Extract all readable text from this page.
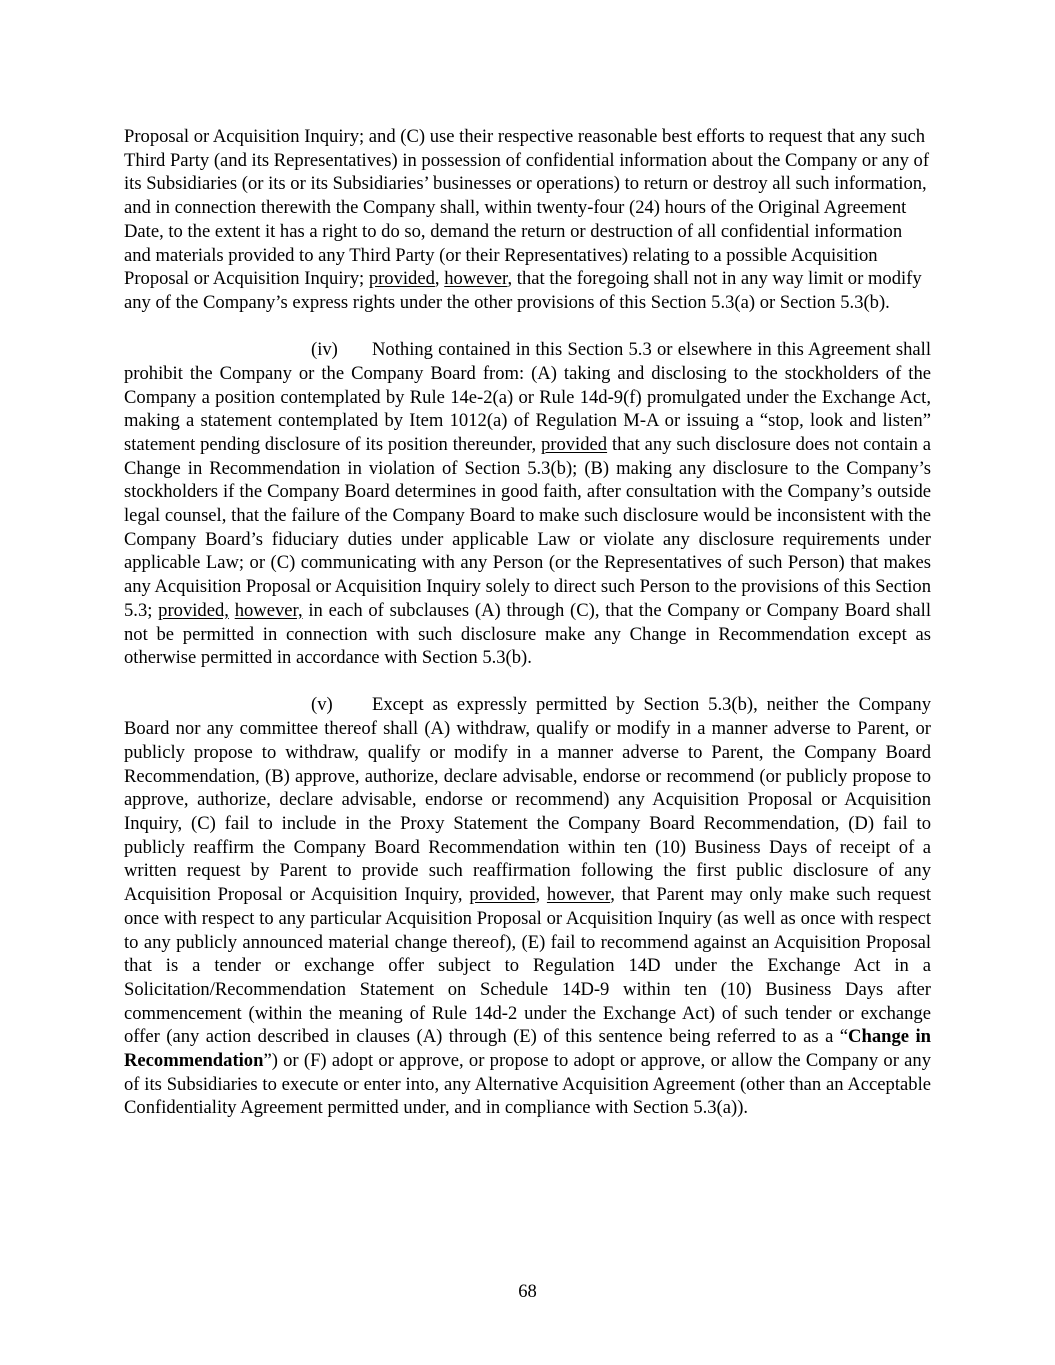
Proposal or Acquisition Inquiry; and (C) use their respective reasonable best efforts to request that any such Third Party (and its Representatives) in possession of confidential information about the Company or any of its Subsidiaries (or its or its Subsidiaries’ businesses or operations) to return or destroy all such information, and in connection therewith the Company shall, within twenty-four (24) hours of the Original Agreement Date, to the extent it has a right to do so, demand the return or destruction of all confidential information and materials provided to any Third Party (or their Representatives) relating to a possible Acquisition Proposal or Acquisition Inquiry; provided, however, that the foregoing shall not in any way limit or modify any of the Company’s express rights under the other provisions of this Section 5.3(a) or Section 5.3(b).

(iv) Nothing contained in this Section 5.3 or elsewhere in this Agreement shall prohibit the Company or the Company Board from: (A) taking and disclosing to the stockholders of the Company a position contemplated by Rule 14e-2(a) or Rule 14d-9(f) promulgated under the Exchange Act, making a statement contemplated by Item 1012(a) of Regulation M-A or issuing a “stop, look and listen” statement pending disclosure of its position thereunder, provided that any such disclosure does not contain a Change in Recommendation in violation of Section 5.3(b); (B) making any disclosure to the Company’s stockholders if the Company Board determines in good faith, after consultation with the Company’s outside legal counsel, that the failure of the Company Board to make such disclosure would be inconsistent with the Company Board’s fiduciary duties under applicable Law or violate any disclosure requirements under applicable Law; or (C) communicating with any Person (or the Representatives of such Person) that makes any Acquisition Proposal or Acquisition Inquiry solely to direct such Person to the provisions of this Section 5.3; provided, however, in each of subclauses (A) through (C), that the Company or Company Board shall not be permitted in connection with such disclosure make any Change in Recommendation except as otherwise permitted in accordance with Section 5.3(b).

(v) Except as expressly permitted by Section 5.3(b), neither the Company Board nor any committee thereof shall (A) withdraw, qualify or modify in a manner adverse to Parent, or publicly propose to withdraw, qualify or modify in a manner adverse to Parent, the Company Board Recommendation, (B) approve, authorize, declare advisable, endorse or recommend (or publicly propose to approve, authorize, declare advisable, endorse or recommend) any Acquisition Proposal or Acquisition Inquiry, (C) fail to include in the Proxy Statement the Company Board Recommendation, (D) fail to publicly reaffirm the Company Board Recommendation within ten (10) Business Days of receipt of a written request by Parent to provide such reaffirmation following the first public disclosure of any Acquisition Proposal or Acquisition Inquiry, provided, however, that Parent may only make such request once with respect to any particular Acquisition Proposal or Acquisition Inquiry (as well as once with respect to any publicly announced material change thereof), (E) fail to recommend against an Acquisition Proposal that is a tender or exchange offer subject to Regulation 14D under the Exchange Act in a Solicitation/Recommendation Statement on Schedule 14D-9 within ten (10) Business Days after commencement (within the meaning of Rule 14d-2 under the Exchange Act) of such tender or exchange offer (any action described in clauses (A) through (E) of this sentence being referred to as a “Change in Recommendation”) or (F) adopt or approve, or propose to adopt or approve, or allow the Company or any of its Subsidiaries to execute or enter into, any Alternative Acquisition Agreement (other than an Acceptable Confidentiality Agreement permitted under, and in compliance with Section 5.3(a)).

68
